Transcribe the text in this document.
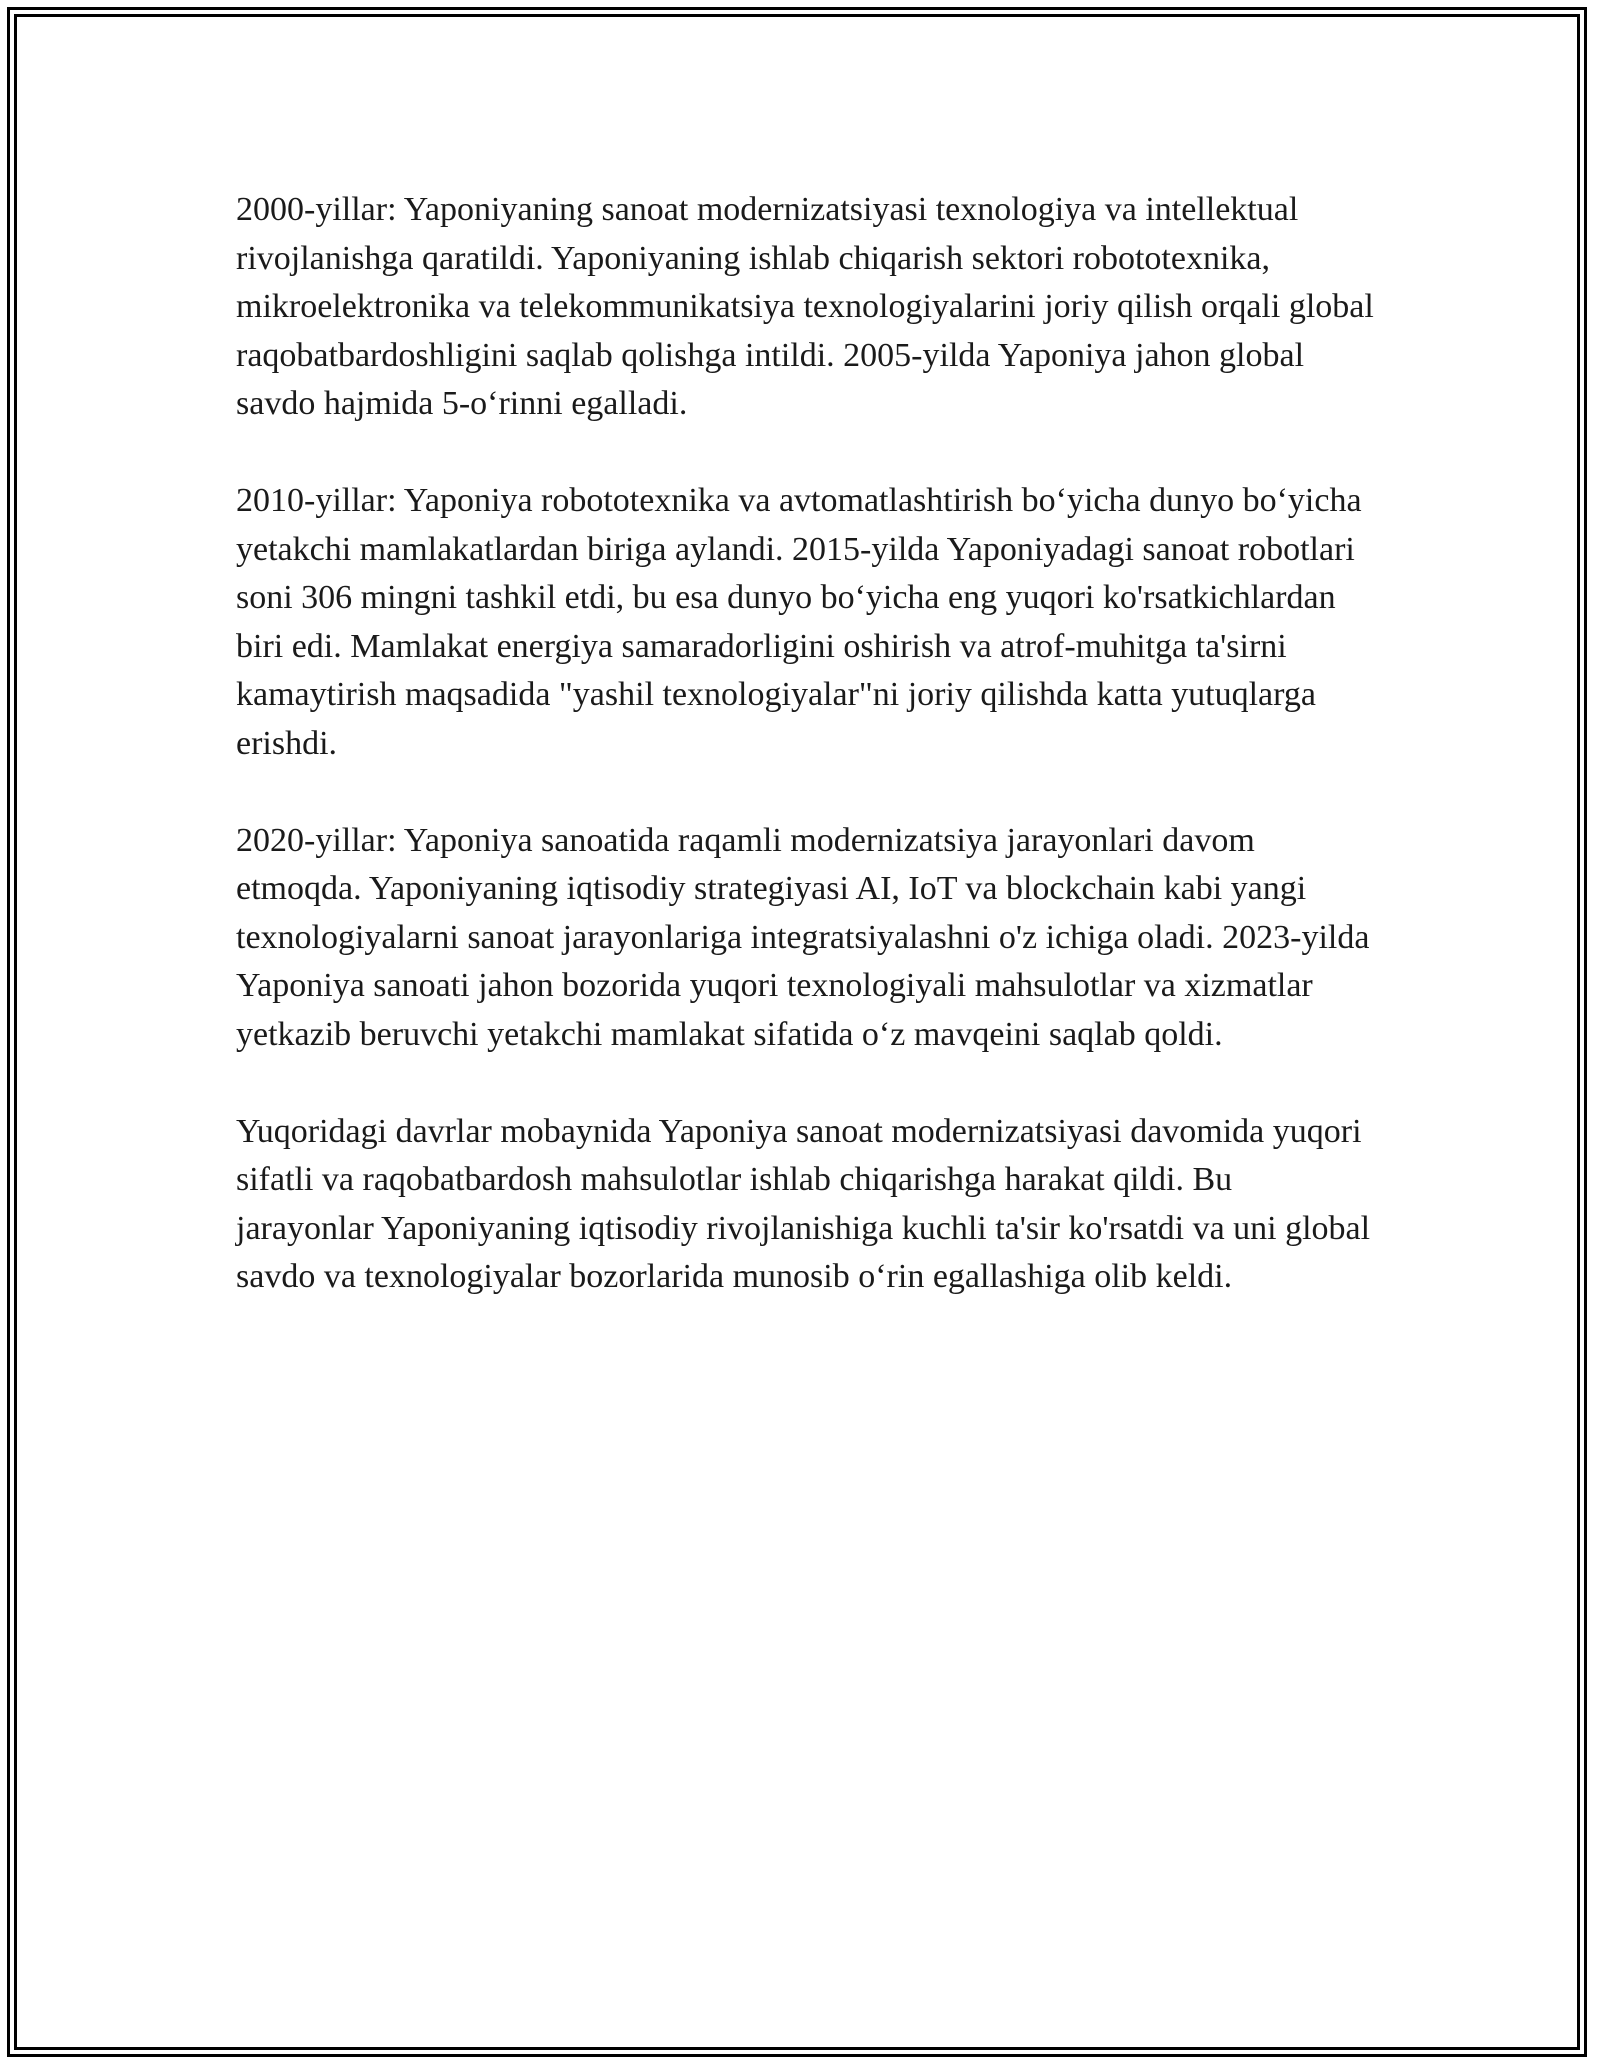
2000-yillar: Yaponiyaning sanoat modernizatsiyasi texnologiya va intellektual rivojlanishga qaratildi. Yaponiyaning ishlab chiqarish sektori robototexnika, mikroelektronika va telekommunikatsiya texnologiyalarini joriy qilish orqali global raqobatbardoshligini saqlab qolishga intildi. 2005-yilda Yaponiya jahon global savdo hajmida 5-o‘rinni egalladi.

2010-yillar: Yaponiya robototexnika va avtomatlashtirish bo‘yicha dunyo bo‘yicha yetakchi mamlakatlardan biriga aylandi. 2015-yilda Yaponiyadagi sanoat robotlari soni 306 mingni tashkil etdi, bu esa dunyo bo‘yicha eng yuqori ko'rsatkichlardan biri edi. Mamlakat energiya samaradorligini oshirish va atrof-muhitga ta'sirni kamaytirish maqsadida "yashil texnologiyalar"ni joriy qilishda katta yutuqlarga erishdi.

2020-yillar: Yaponiya sanoatida raqamli modernizatsiya jarayonlari davom etmoqda. Yaponiyaning iqtisodiy strategiyasi AI, IoT va blockchain kabi yangi texnologiyalarni sanoat jarayonlariga integratsiyalashni o'z ichiga oladi. 2023-yilda Yaponiya sanoati jahon bozorida yuqori texnologiyali mahsulotlar va xizmatlar yetkazib beruvchi yetakchi mamlakat sifatida o‘z mavqeini saqlab qoldi.

Yuqoridagi davrlar mobaynida Yaponiya sanoat modernizatsiyasi davomida yuqori sifatli va raqobatbardosh mahsulotlar ishlab chiqarishga harakat qildi. Bu jarayonlar Yaponiyaning iqtisodiy rivojlanishiga kuchli ta'sir ko'rsatdi va uni global savdo va texnologiyalar bozorlarida munosib o‘rin egallashiga olib keldi.
